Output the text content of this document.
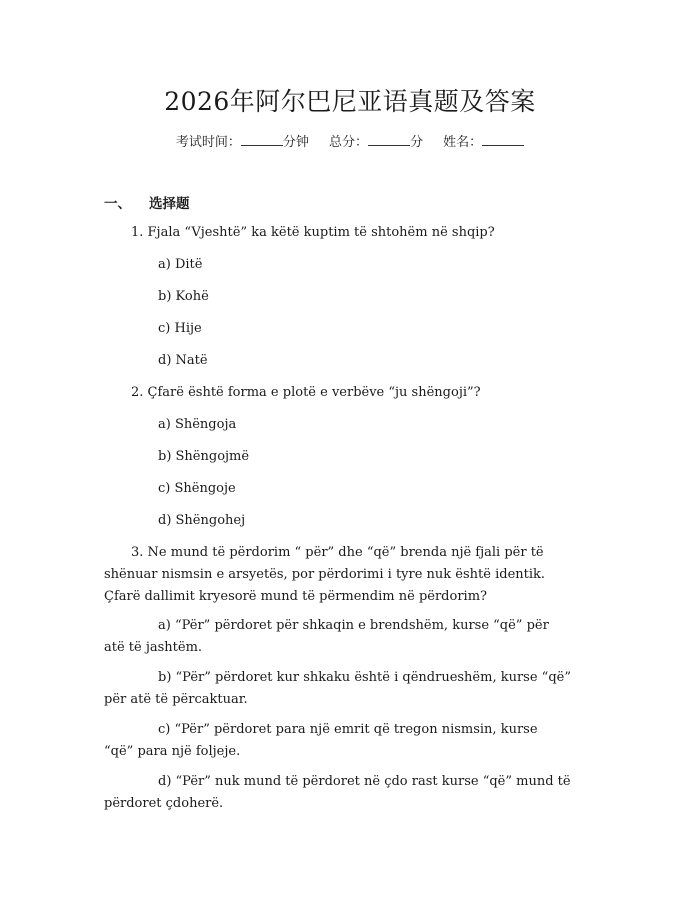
2026年阿尔巴尼亚语真题及答案
考试时间：	分钟 总分：	分 姓名：
一、 选择题
1. Fjala “Vjeshtë” ka këtë kuptim të shtohëm në shqip?
a) Ditë
b) Kohë
c) Hije
d) Natë
2. Çfarë është forma e plotë e verbëve “ju shëngoji”?
a) Shëngoja
b) Shëngojmë
c) Shëngoje
d) Shëngohej
3. Ne mund të përdorim “ për” dhe “që” brenda një fjali për të
shënuar nismsin e arsyetës, por përdorimi i tyre nuk është identik.
Çfarë dallimit kryesorë mund të përmendim në përdorim?
a) “Për” përdoret për shkaqin e brendshëm, kurse “që” për
atë të jashtëm.
b) “Për” përdoret kur shkaku është i qëndrueshëm, kurse “që”
për atë të përcaktuar.
c) “Për” përdoret para një emrit që tregon nismsin, kurse
“që” para një foljeje.
d) “Për” nuk mund të përdoret në çdo rast kurse “që” mund të
përdoret çdoherë.
